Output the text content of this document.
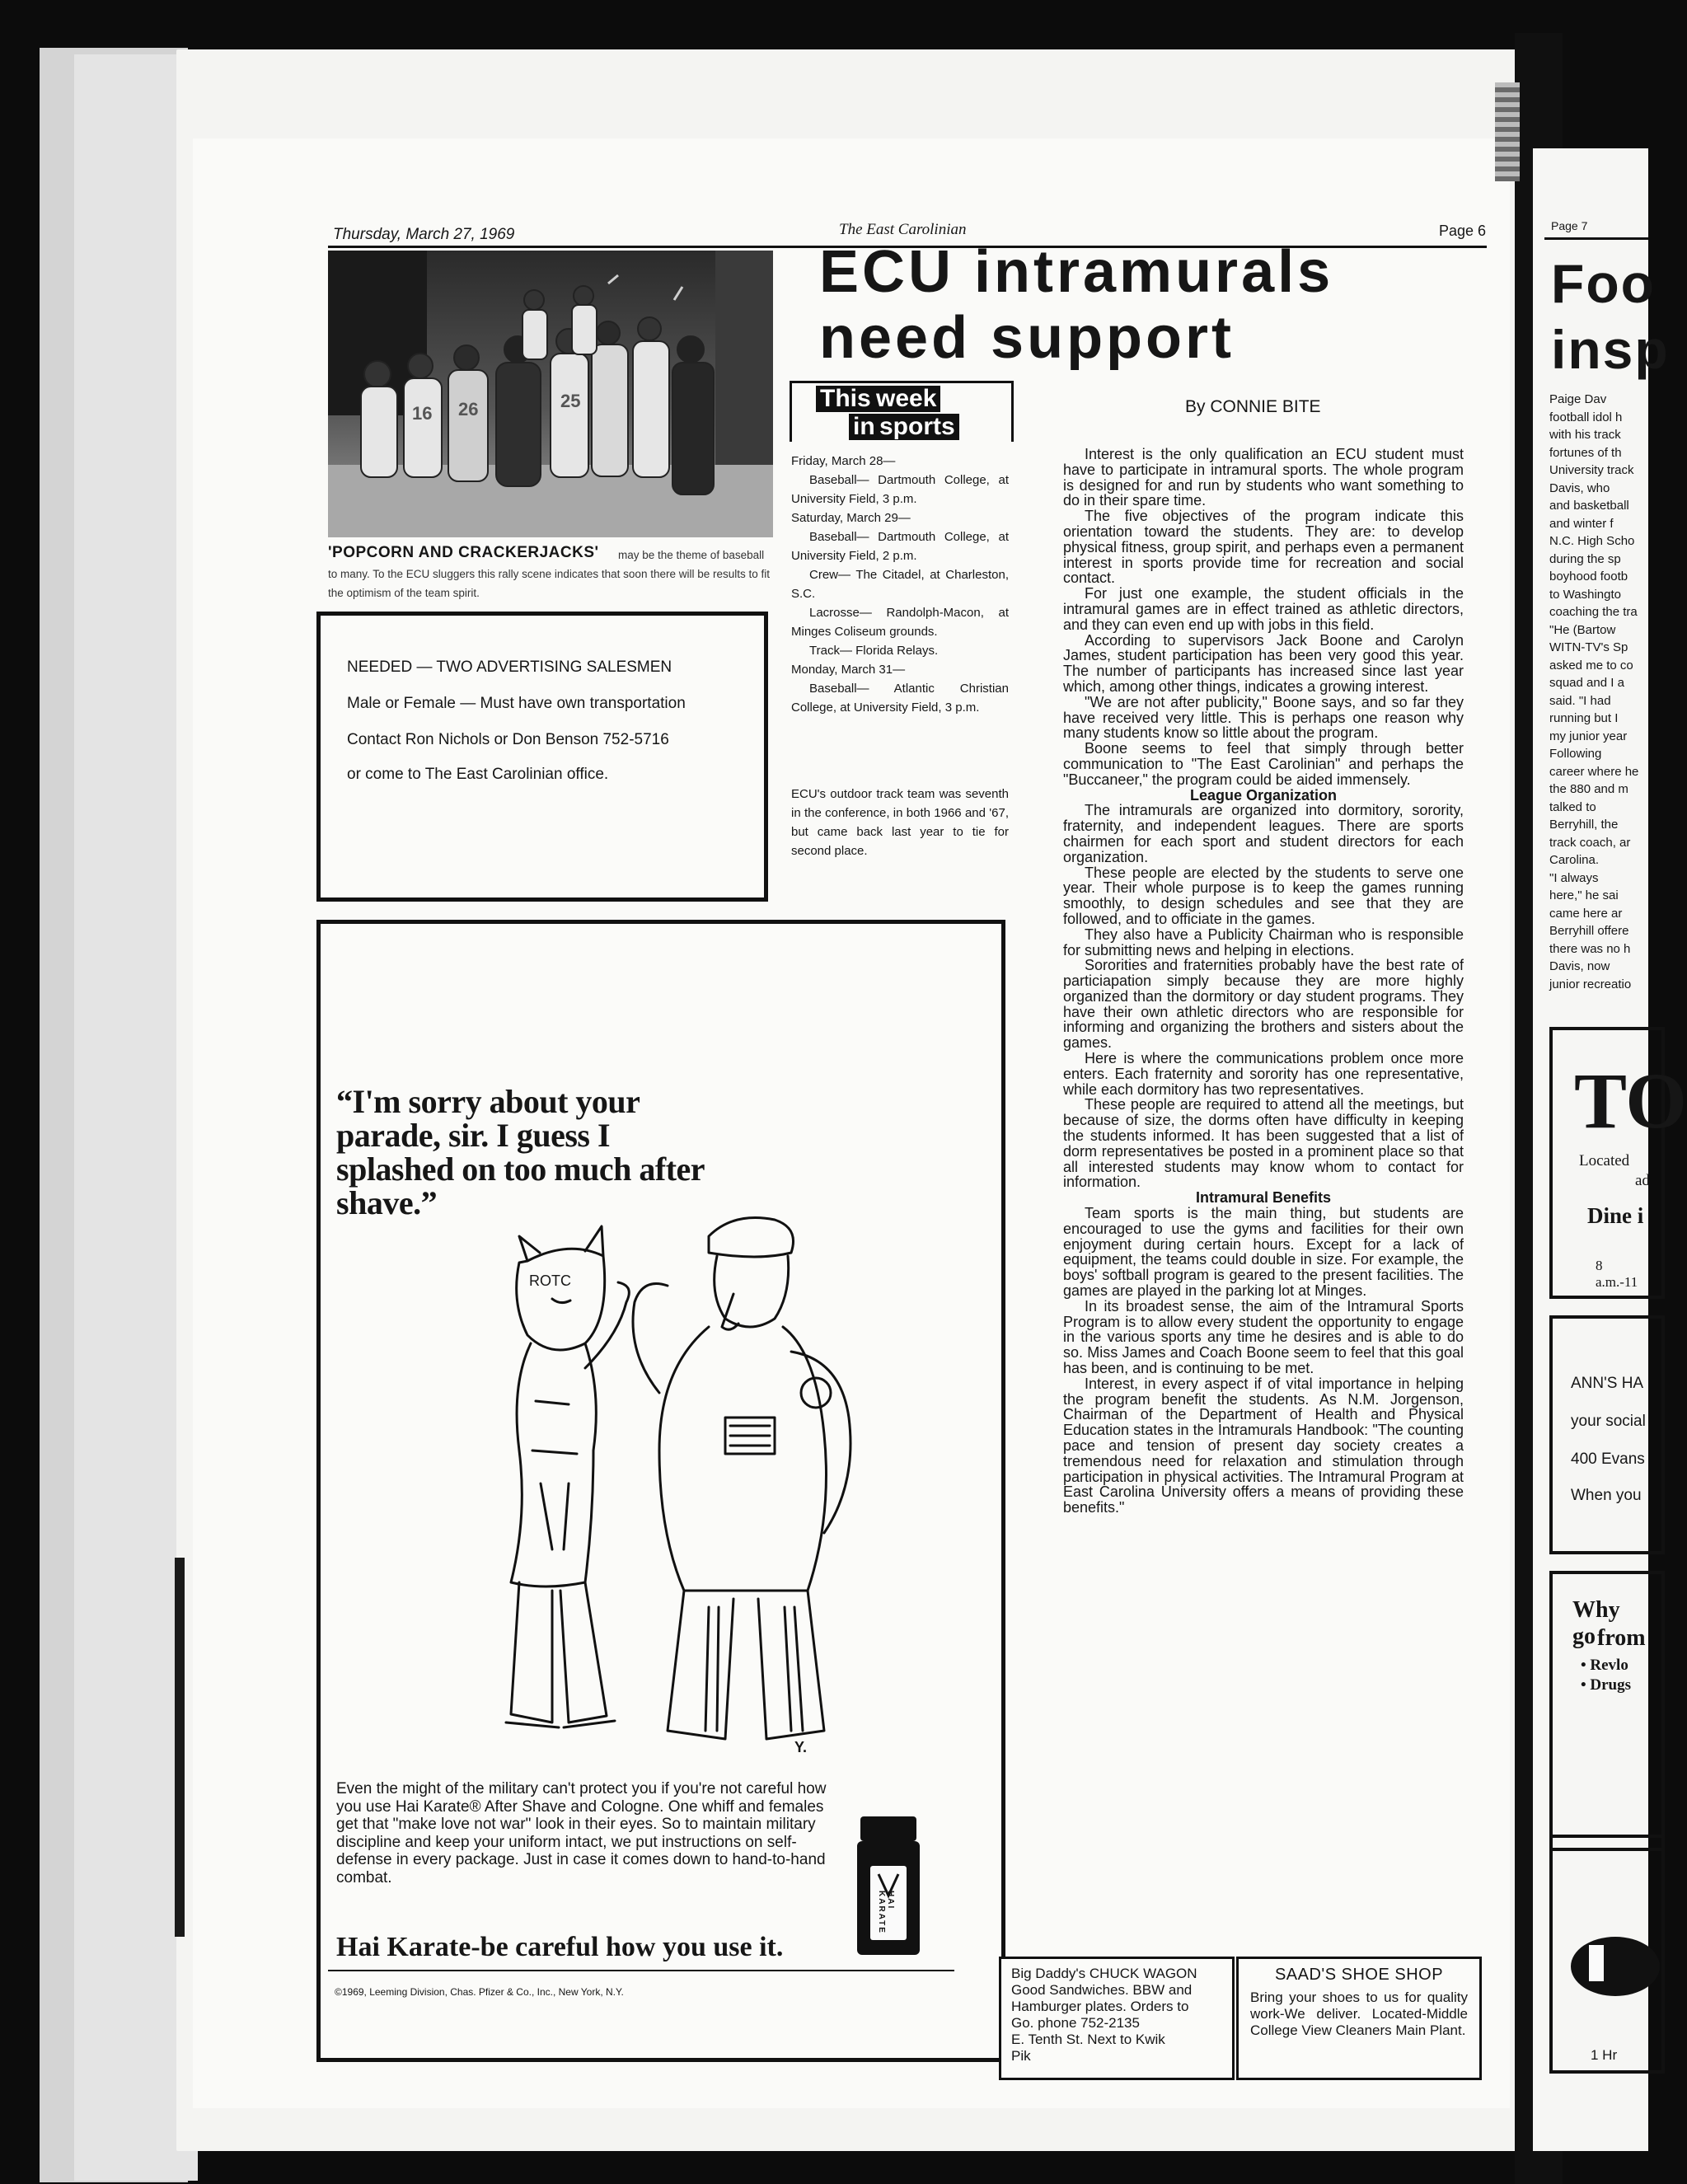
Thursday, March 27, 1969	The East Carolinian	Page 6
16 26	25
'POPCORN AND CRACKERJACKS'	may be the theme of baseball to many. To the ECU sluggers this rally scene indicates that soon there will be results to fit the optimism of the team spirit.

NEEDED — TWO ADVERTISING SALESMEN

Male or Female — Must have own transportation

Contact Ron Nichols or Don Benson 752-5716

or come to The East Carolinian office.

ECU intramurals
need support
This week
in sports

Friday, March 28—

Baseball— Dartmouth College, at University Field, 3 p.m.

Saturday, March 29—

Baseball— Dartmouth College, at University Field, 2 p.m.

Crew— The Citadel, at Charleston, S.C.

Lacrosse— Randolph-Macon, at Minges Coliseum grounds.

Track— Florida Relays.

Monday, March 31—

Baseball— Atlantic Christian College, at University Field, 3 p.m.

ECU's outdoor track team was seventh in the conference, in both 1966 and '67, but came back last year to tie for second place.
By CONNIE BITE

Interest is the only qualification an ECU student must have to participate in intramural sports. The whole program is designed for and run by students who want something to do in their spare time.

The five objectives of the program indicate this orientation toward the students. They are: to develop physical fitness, group spirit, and perhaps even a permanent interest in sports provide time for recreation and social contact.

For just one example, the student officials in the intramural games are in effect trained as athletic directors, and they can even end up with jobs in this field.

According to supervisors Jack Boone and Carolyn James, student participation has been very good this year. The number of participants has increased since last year which, among other things, indicates a growing interest.

"We are not after publicity," Boone says, and so far they have received very little. This is perhaps one reason why many students know so little about the program.

Boone seems to feel that simply through better communication to "The East Carolinian" and perhaps the "Buccaneer," the program could be aided immensely.

League Organization

The intramurals are organized into dormitory, sorority, fraternity, and independent leagues. There are sports chairmen for each sport and student directors for each organization.

These people are elected by the students to serve one year. Their whole purpose is to keep the games running smoothly, to design schedules and see that they are followed, and to officiate in the games.

They also have a Publicity Chairman who is responsible for submitting news and helping in elections.

Sororities and fraternities probably have the best rate of particiapation simply because they are more highly organized than the dormitory or day student programs. They have their own athletic directors who are responsible for informing and organizing the brothers and sisters about the games.

Here is where the communications problem once more enters. Each fraternity and sorority has one representative, while each dormitory has two representatives.

These people are required to attend all the meetings, but because of size, the dorms often have difficulty in keeping the students informed. It has been suggested that a list of dorm representatives be posted in a prominent place so that all interested students may know whom to contact for information.

Intramural Benefits

Team sports is the main thing, but students are encouraged to use the gyms and facilities for their own enjoyment during certain hours. Except for a lack of equipment, the teams could double in size. For example, the boys' softball program is geared to the present facilities. The games are played in the parking lot at Minges.

In its broadest sense, the aim of the Intramural Sports Program is to allow every student the opportunity to engage in the various sports any time he desires and is able to do so. Miss James and Coach Boone seem to feel that this goal has been, and is continuing to be met.

Interest, in every aspect if of vital importance in helping the program benefit the students. As N.M. Jorgenson, Chairman of the Department of Health and Physical Education states in the Intramurals Handbook: "The counting pace and tension of present day society creates a tremendous need for relaxation and stimulation through participation in physical activities. The Intramural Program at East Carolina University offers a means of providing these benefits."

“I'm sorry about your parade, sir. I guess I splashed on too much after shave.”
ROTC
Y.
Even the might of the military can't protect you if you're not careful how you use Hai Karate® After Shave and Cologne. One whiff and females get that "make love not war" look in their eyes. So to maintain military discipline and keep your uniform intact, we put instructions on self-defense in every package. Just in case it comes down to hand-to-hand combat.
Hai Karate-be careful how you use it.
HAI KARATE
©1969, Leeming Division, Chas. Pfizer & Co., Inc., New York, N.Y.

Big Daddy's CHUCK WAGON

Good Sandwiches. BBW and

Hamburger plates. Orders to

Go. phone 752-2135

E. Tenth St. Next to Kwik

Pik

SAAD'S SHOE SHOP

Bring your shoes to us for quality work-We deliver. Located-Middle College View Cleaners Main Plant.

Page 7
Foo
insp

Paige Dav

football idol h

with his track

fortunes of th

University track

Davis, who

and basketball

and winter f

N.C. High Scho

during the sp

boyhood footb

to Washingto

coaching the tra

"He (Bartow

WITN-TV's Sp

asked me to co

squad and I a

said. "I had

running but I

my junior year

Following

career where he

the 880 and m

talked to

Berryhill, the

track coach, ar

Carolina.

"I always

here," he sai

came here ar

Berryhill offere

there was no h

Davis, now

junior recreatio

TO
Located
ad
Dine i
8 a.m.-11
ANN'S HA
your social
400 Evans
When you
Why go from
• Revlo
• Drugs
1 Hr
